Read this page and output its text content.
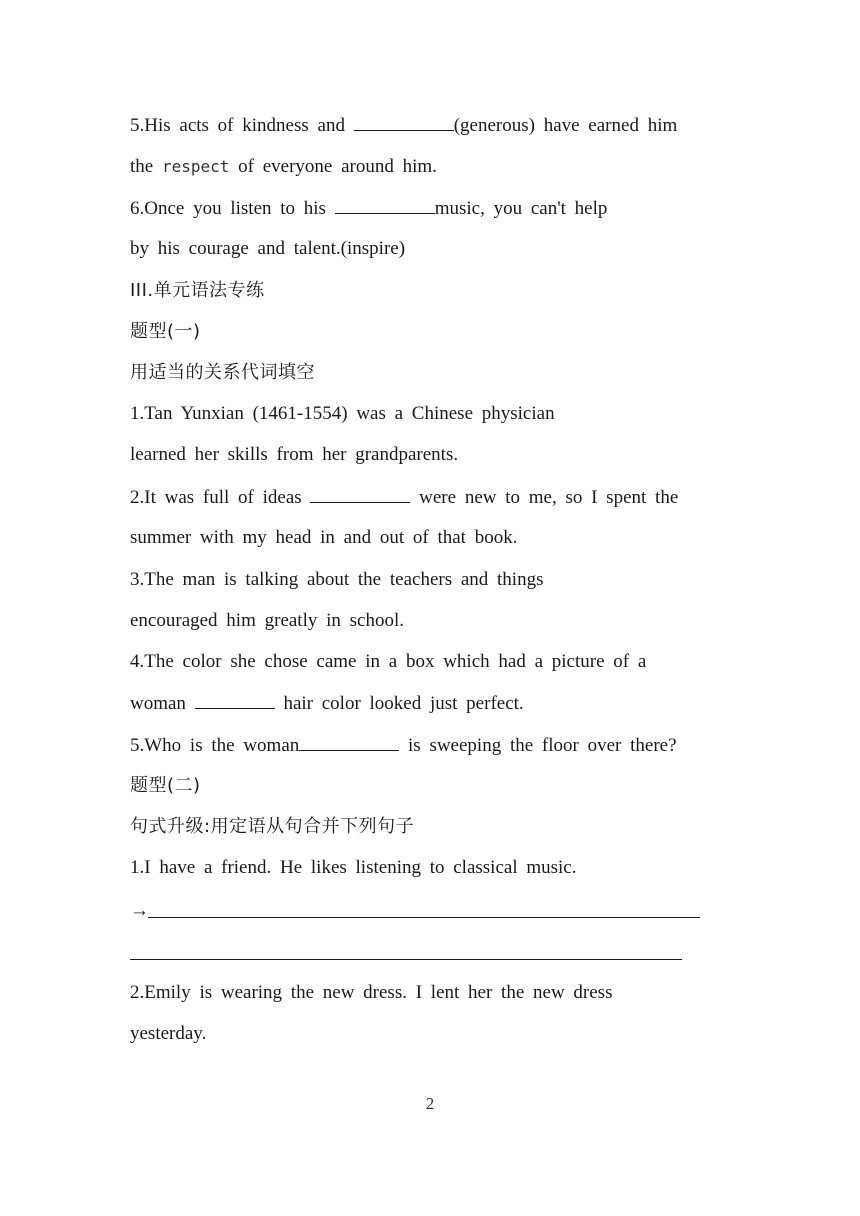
5.His acts of kindness and	(generous) have earned him
the respect of everyone around him.
6.Once you listen to his	music, you can't help
by his courage and talent.(inspire)
III.单元语法专练
题型(一)
用适当的关系代词填空
1.Tan Yunxian (1461-1554) was a Chinese physician
learned her skills from her grandparents.
2.It was full of ideas	were new to me, so I spent the
summer with my head in and out of that book.
3.The man is talking about the teachers and things
encouraged him greatly in school.
4.The color she chose came in a box which had a picture of a
woman	hair color looked just perfect.
5.Who is the woman	is sweeping the floor over there?
题型(二)
句式升级:用定语从句合并下列句子
1.I have a friend. He likes listening to classical music.
→
2.Emily is wearing the new dress. I lent her the new dress
yesterday.
2
